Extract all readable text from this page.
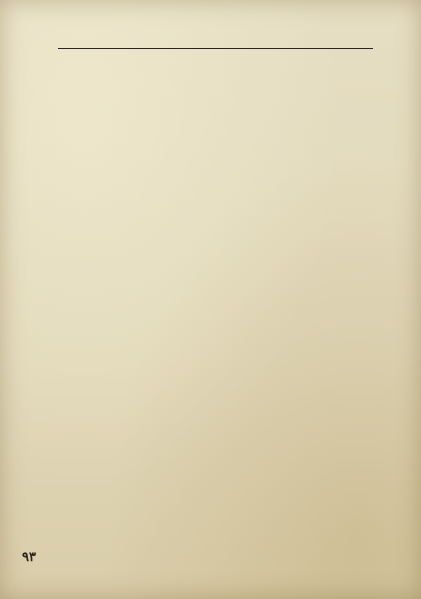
۹۳
